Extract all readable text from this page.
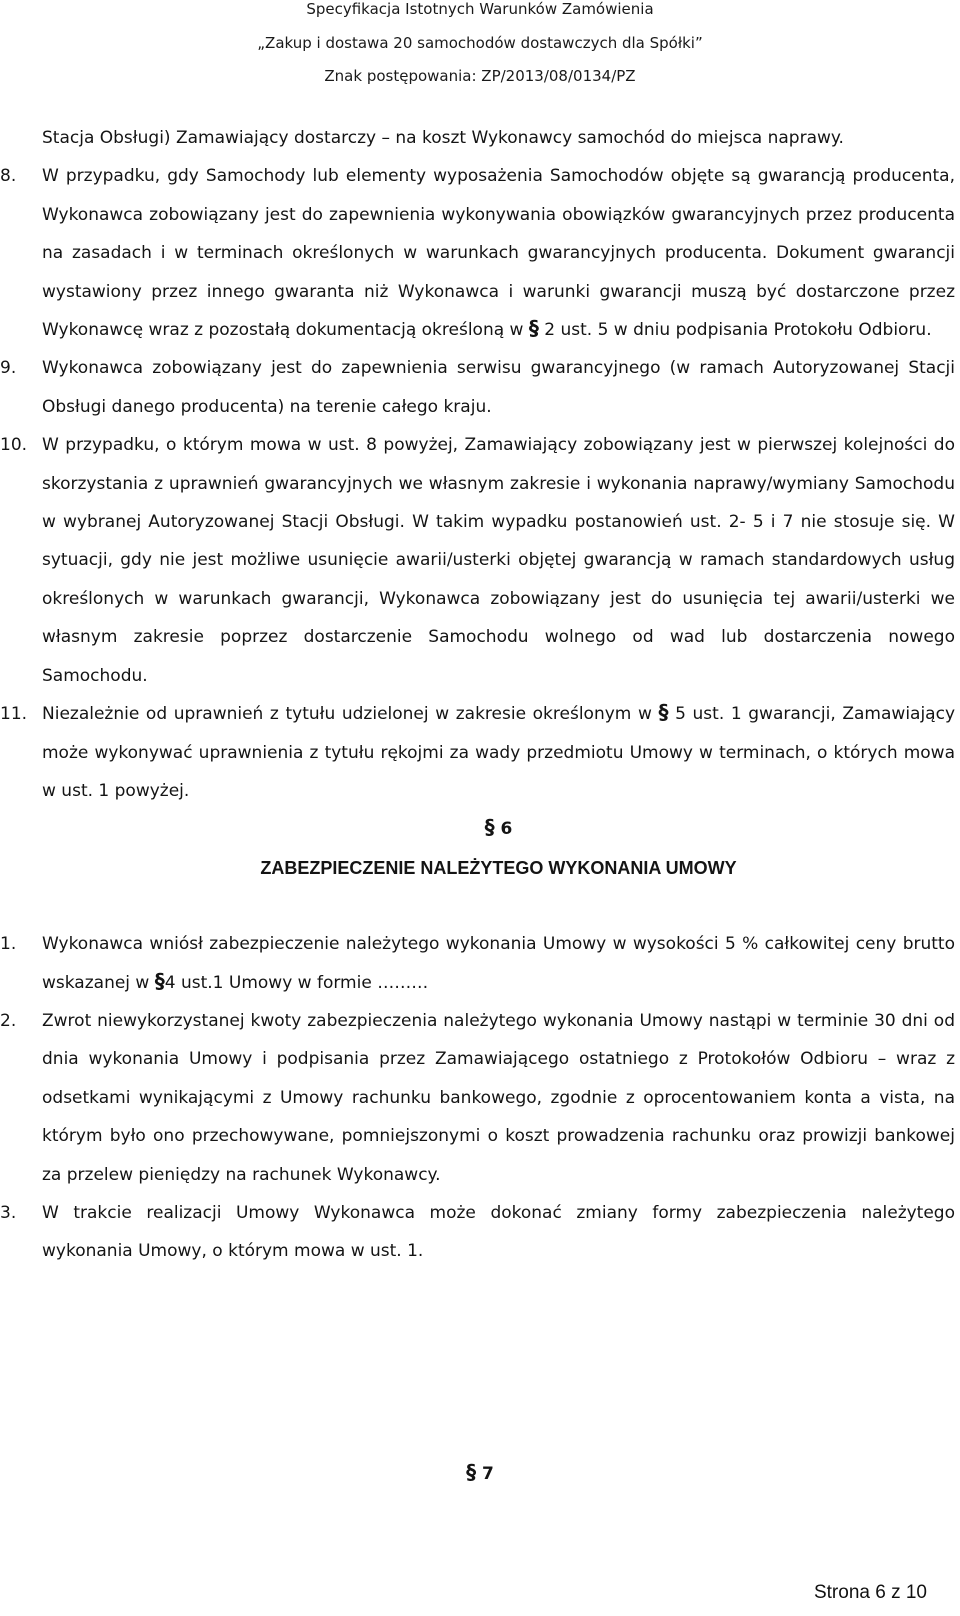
Specyfikacja Istotnych Warunków Zamówienia
„Zakup i dostawa 20 samochodów dostawczych dla Spółki”
Znak postępowania: ZP/2013/08/0134/PZ

Stacja Obsługi) Zamawiający dostarczy – na koszt Wykonawcy samochód do miejsca naprawy.

8.	W przypadku, gdy Samochody lub elementy wyposażenia Samochodów objęte są gwarancją producenta, Wykonawca zobowiązany jest do zapewnienia wykonywania obowiązków gwarancyjnych przez producenta na zasadach i w terminach określonych w warunkach gwarancyjnych producenta. Dokument gwarancji wystawiony przez innego gwaranta niż Wykonawca i warunki gwarancji muszą być dostarczone przez Wykonawcę wraz z pozostałą dokumentacją określoną w § 2 ust. 5 w dniu podpisania Protokołu Odbioru.

9.	Wykonawca zobowiązany jest do zapewnienia serwisu gwarancyjnego (w ramach Autoryzowanej Stacji Obsługi danego producenta) na terenie całego kraju.

10. W przypadku, o którym mowa w ust. 8 powyżej, Zamawiający zobowiązany jest w pierwszej kolejności do skorzystania z uprawnień gwarancyjnych we własnym zakresie i wykonania naprawy/wymiany Samochodu w wybranej Autoryzowanej Stacji Obsługi. W takim wypadku postanowień ust. 2- 5 i 7 nie stosuje się. W sytuacji, gdy nie jest możliwe usunięcie awarii/usterki objętej gwarancją w ramach standardowych usług określonych w warunkach gwarancji, Wykonawca zobowiązany jest do usunięcia tej awarii/usterki we własnym zakresie poprzez dostarczenie Samochodu wolnego od wad lub dostarczenia nowego Samochodu.

11. Niezależnie od uprawnień z tytułu udzielonej w zakresie określonym w § 5 ust. 1 gwarancji, Zamawiający może wykonywać uprawnienia z tytułu rękojmi za wady przedmiotu Umowy w terminach, o których mowa w ust. 1 powyżej.

§ 6

ZABEZPIECZENIE NALEŻYTEGO WYKONANIA UMOWY

1.	Wykonawca wniósł zabezpieczenie należytego wykonania Umowy w wysokości 5 % całkowitej ceny brutto wskazanej w §4 ust.1 Umowy w formie ………

2.	Zwrot niewykorzystanej kwoty zabezpieczenia należytego wykonania Umowy nastąpi w terminie 30 dni od dnia wykonania Umowy i podpisania przez Zamawiającego ostatniego z Protokołów Odbioru – wraz z odsetkami wynikającymi z Umowy rachunku bankowego, zgodnie z oprocentowaniem konta a vista, na którym było ono przechowywane, pomniejszonymi o koszt prowadzenia rachunku oraz prowizji bankowej za przelew pieniędzy na rachunek Wykonawcy.

3.	W trakcie realizacji Umowy Wykonawca może dokonać zmiany formy zabezpieczenia należytego wykonania Umowy, o którym mowa w ust. 1.

§ 7
Strona 6 z 10
